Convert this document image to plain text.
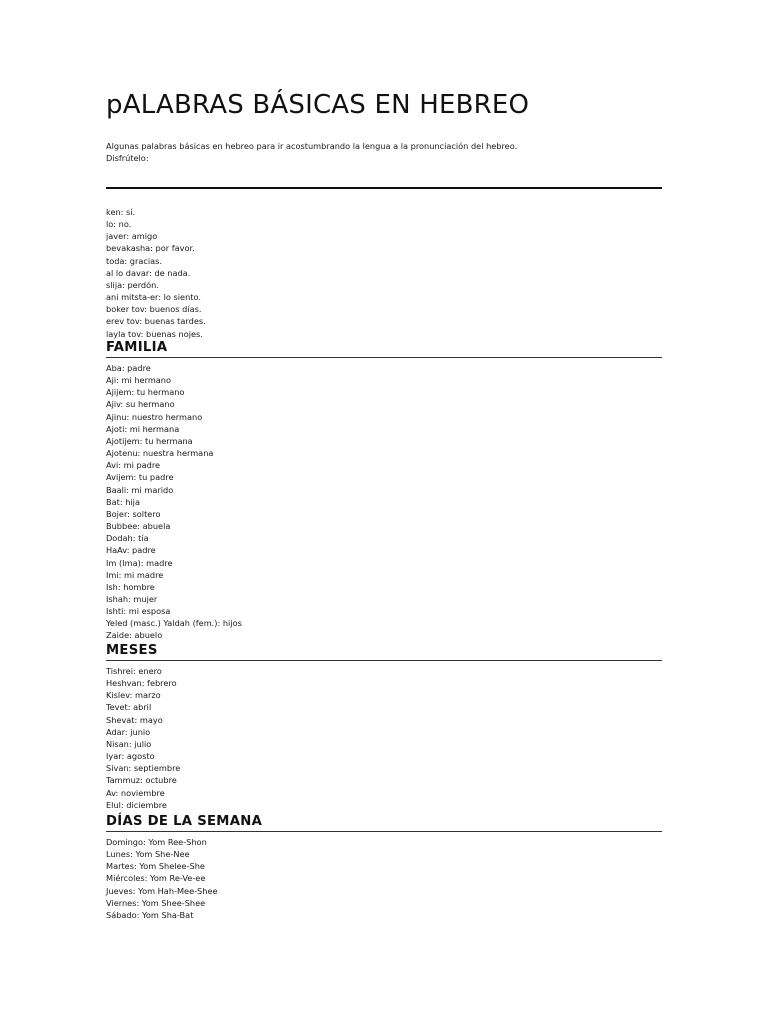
pALABRAS BÁSICAS EN HEBREO
Algunas palabras básicas en hebreo para ir acostumbrando la lengua a la pronunciación del hebreo.
Disfrútelo:
ken: sí.
lo: no.
javer: amigo
bevakasha: por favor.
toda: gracias.
al lo davar: de nada.
slija: perdón.
ani mitsta-er: lo siento.
boker tov: buenos días.
erev tov: buenas tardes.
layla tov: buenas nojes.
FAMILIA
Aba: padre
Aji: mi hermano
Ajijem: tu hermano
Ajiv: su hermano
Ajinu: nuestro hermano
Ajoti: mi hermana
Ajotijem: tu hermana
Ajotenu: nuestra hermana
Avi: mi padre
Avijem: tu padre
Baali: mi marido
Bat: hija
Bojer: soltero
Bubbee: abuela
Dodah: tía
HaAv: padre
Im (Ima): madre
Imi: mi madre
Ish: hombre
Ishah: mujer
Ishti: mi esposa
Yeled (masc.) Yaldah (fem.): hijos
Zaide: abuelo
MESES
Tishrei: enero
Heshvan: febrero
Kislev: marzo
Tevet: abril
Shevat: mayo
Adar: junio
Nisan: julio
Iyar: agosto
Sivan: septiembre
Tammuz: octubre
Av: noviembre
Elul: diciembre
DÍAS DE LA SEMANA
Domingo: Yom Ree-Shon
Lunes: Yom She-Nee
Martes: Yom Shelee-She
Miércoles: Yom Re-Ve-ee
Jueves: Yom Hah-Mee-Shee
Viernes: Yom Shee-Shee
Sábado: Yom Sha-Bat
